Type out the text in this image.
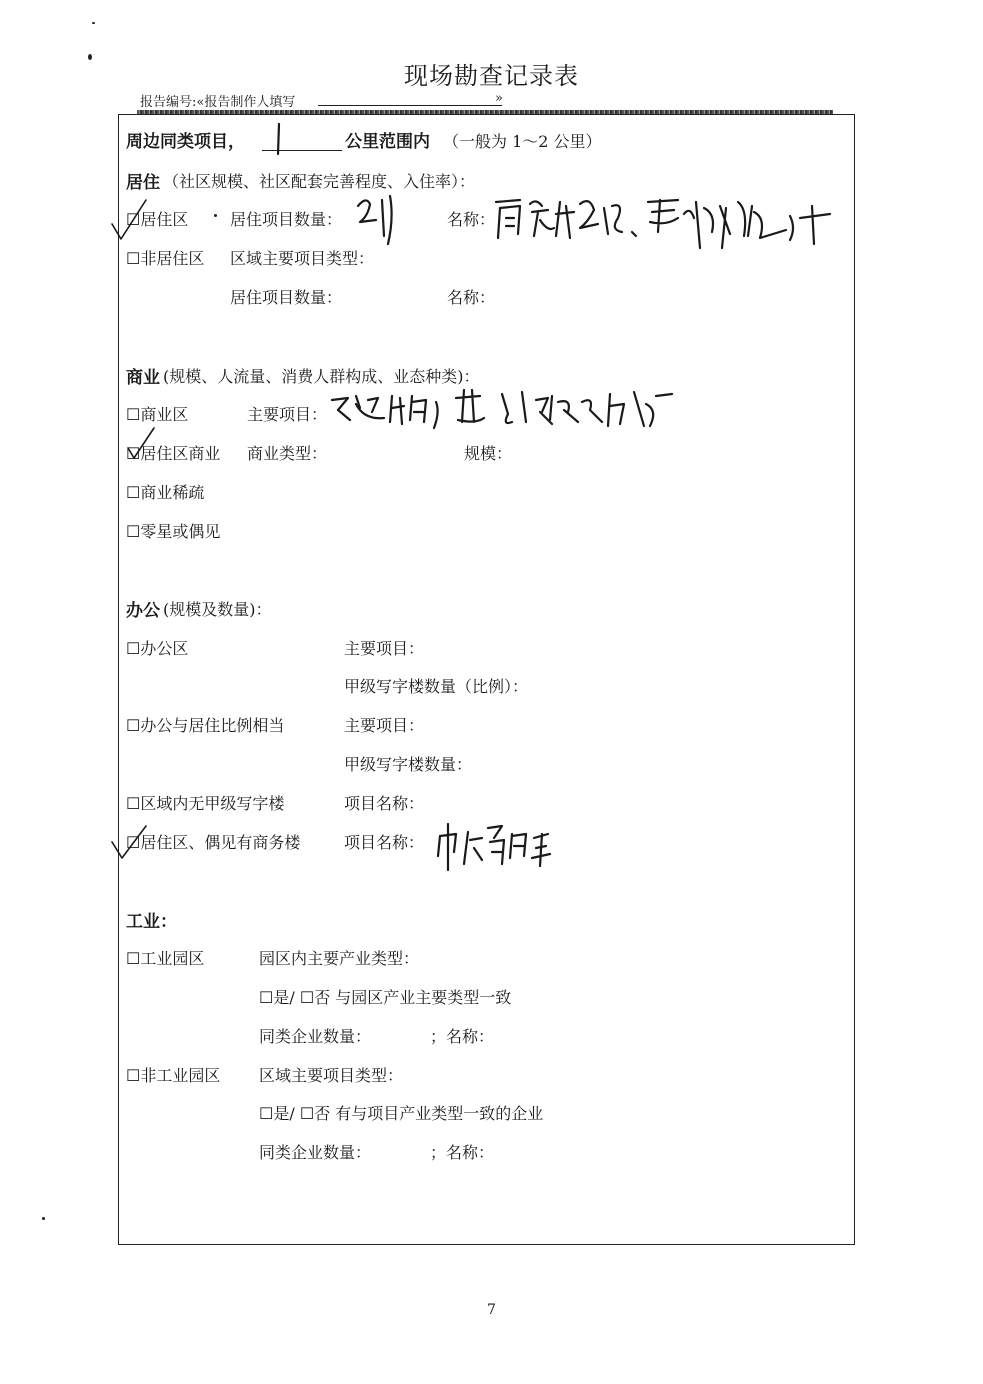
现场勘查记录表
报告编号:«报告制作人填写	»
周边同类项目，	公里范围内 （一般为 1～2 公里）
居住 （社区规模、社区配套完善程度、入住率）：
☐居住区	居住项目数量：	名称：
☐非居住区 区域主要项目类型：
居住项目数量：	名称：
商业 (规模、人流量、消费人群构成、业态种类)：
☐商业区	主要项目：
☐居住区商业 商业类型：	规模：
☐商业稀疏
☐零星或偶见
办公 (规模及数量)：
☐办公区	主要项目：
甲级写字楼数量（比例）：
☐办公与居住比例相当	主要项目：
甲级写字楼数量：
☐区域内无甲级写字楼	项目名称：
☐居住区、偶见有商务楼	项目名称：
工业：
☐工业园区	园区内主要产业类型：
☐是/ ☐否 与园区产业主要类型一致
同类企业数量：	；名称：
☐非工业园区 区域主要项目类型：
☐是/ ☐否 有与项目产业类型一致的企业
同类企业数量：	；名称：
7
